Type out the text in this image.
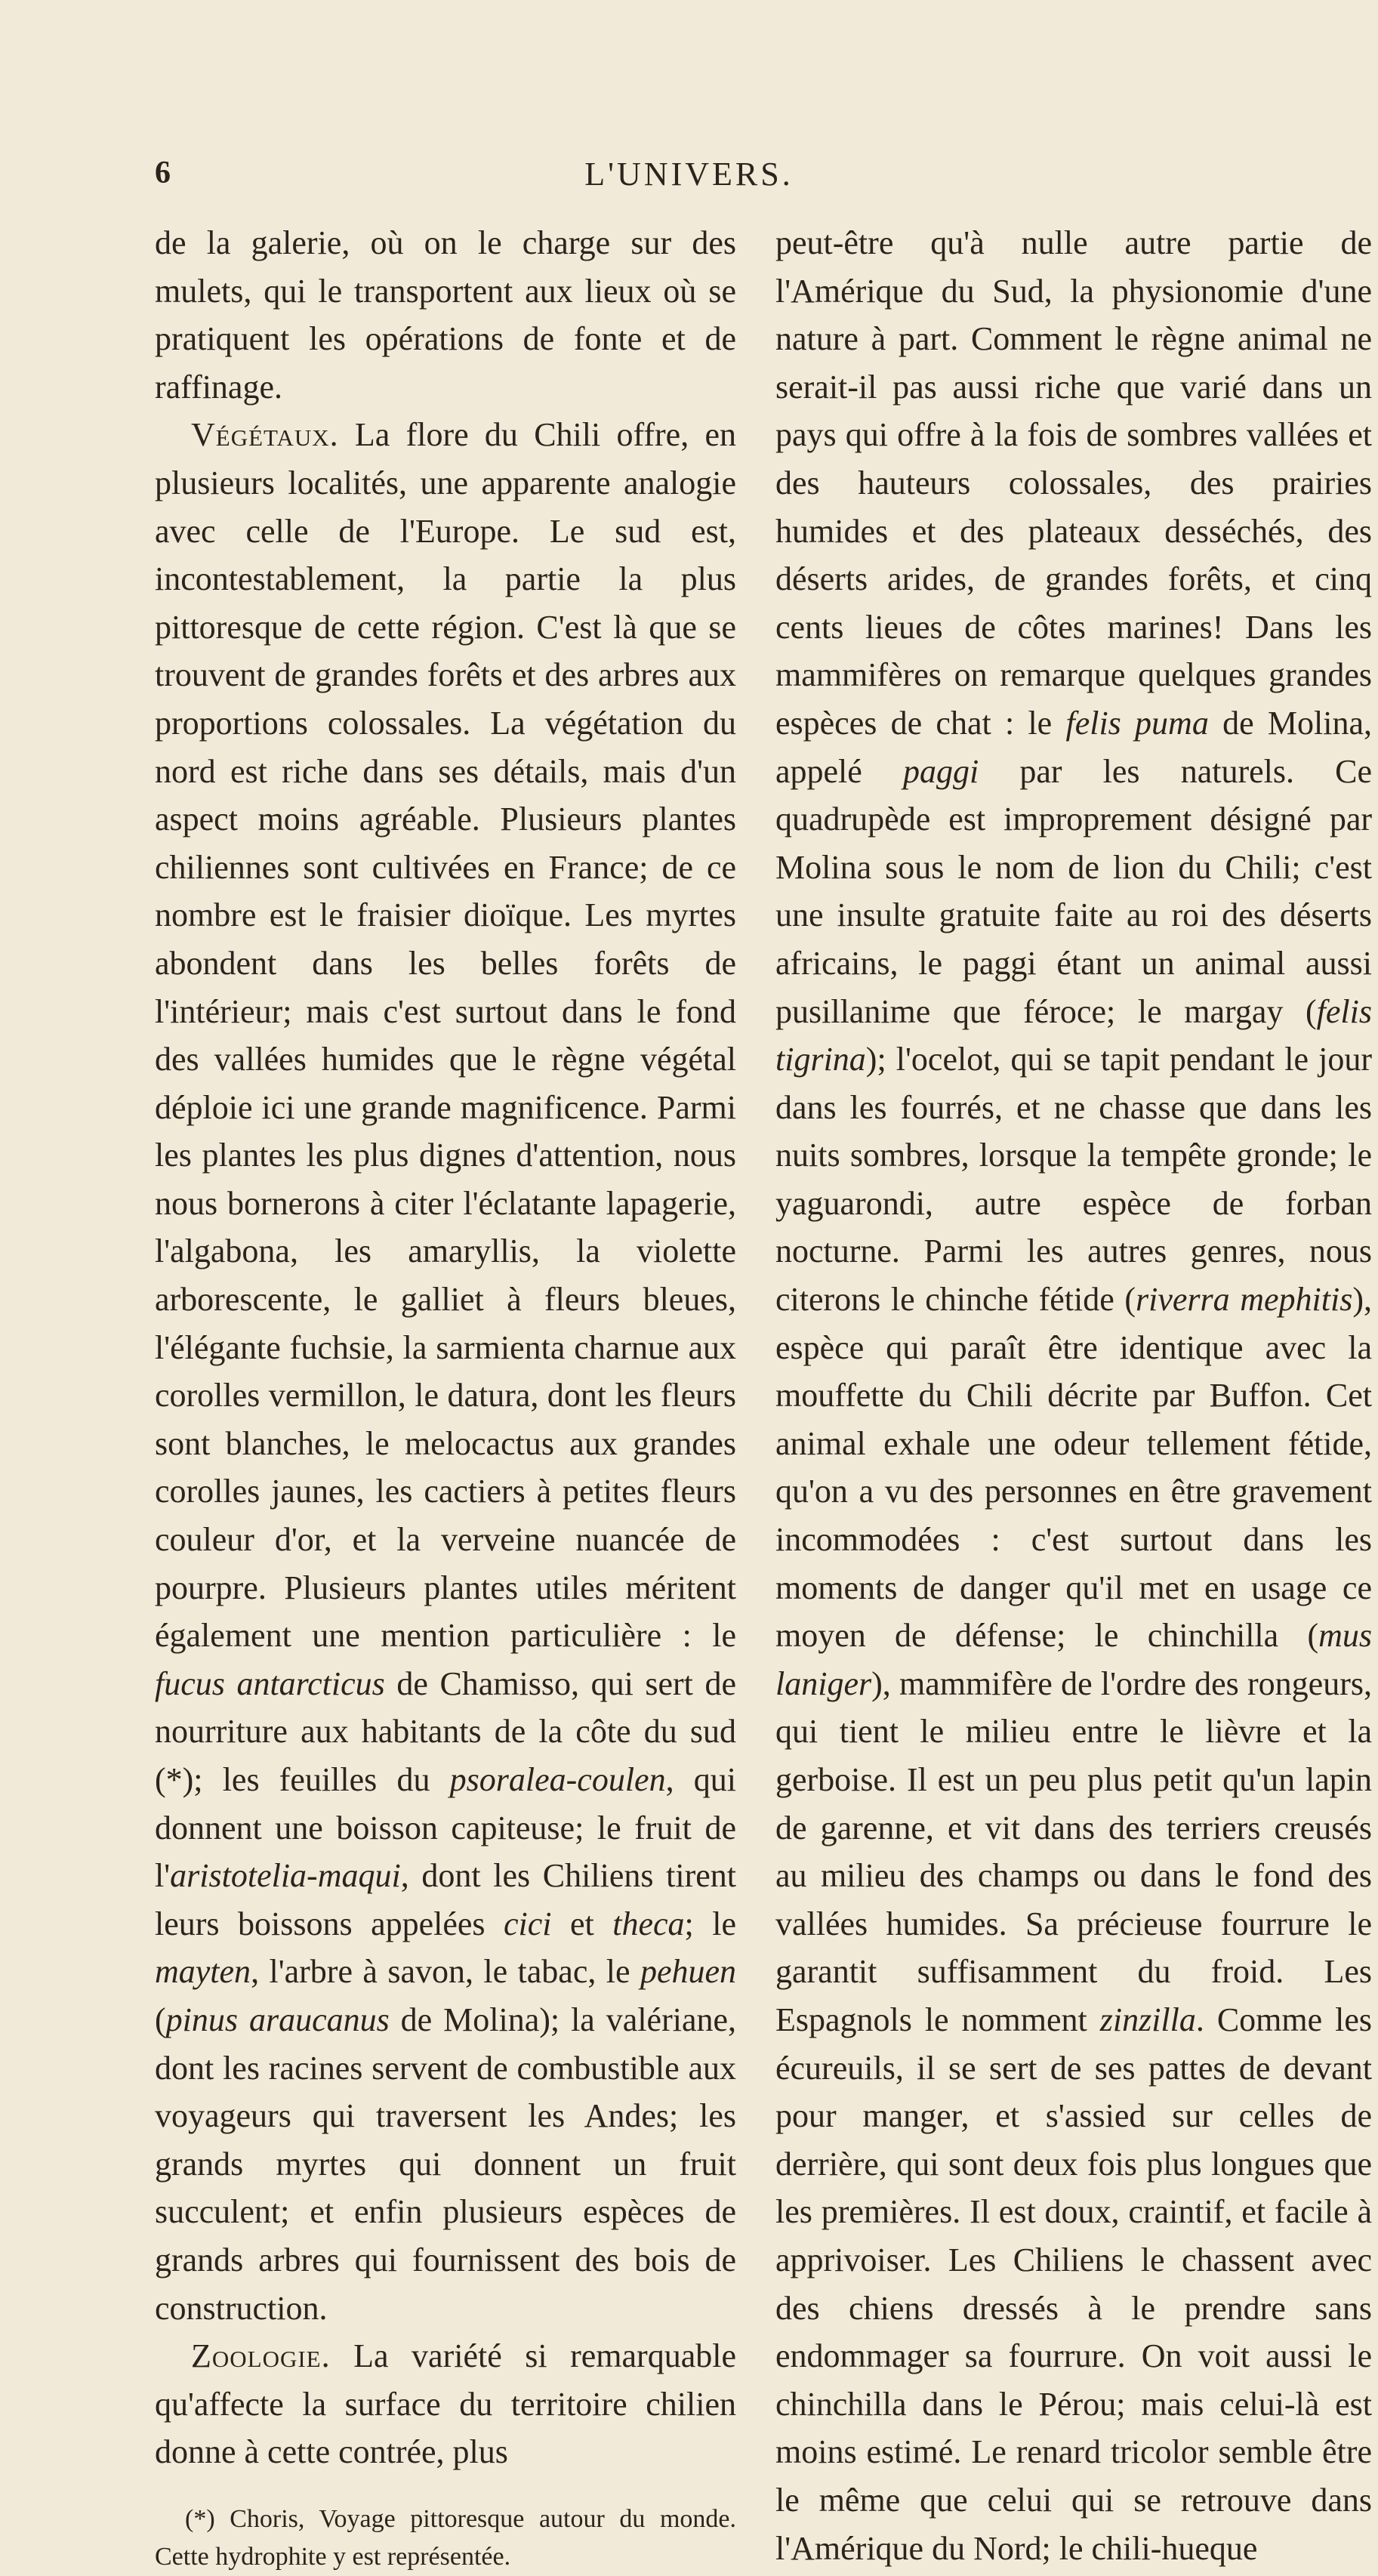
L'UNIVERS.
6

de la galerie, où on le charge sur des mulets, qui le transportent aux lieux où se pratiquent les opérations de fonte et de raffinage.

Végétaux. La flore du Chili offre, en plusieurs localités, une apparente analogie avec celle de l'Europe. Le sud est, incontestablement, la partie la plus pittoresque de cette région. C'est là que se trouvent de grandes forêts et des arbres aux proportions colossales. La végétation du nord est riche dans ses détails, mais d'un aspect moins agréable. Plusieurs plantes chiliennes sont cultivées en France; de ce nombre est le fraisier dioïque. Les myrtes abondent dans les belles forêts de l'intérieur; mais c'est surtout dans le fond des vallées humides que le règne végétal déploie ici une grande magnificence. Parmi les plantes les plus dignes d'attention, nous nous bornerons à citer l'éclatante lapagerie, l'algabona, les amaryllis, la violette arborescente, le galliet à fleurs bleues, l'élégante fuchsie, la sarmienta charnue aux corolles vermillon, le datura, dont les fleurs sont blanches, le melocactus aux grandes corolles jaunes, les cactiers à petites fleurs couleur d'or, et la verveine nuancée de pourpre. Plusieurs plantes utiles méritent également une mention particulière : le fucus antarcticus de Chamisso, qui sert de nourriture aux habitants de la côte du sud (*); les feuilles du psoralea-coulen, qui donnent une boisson capiteuse; le fruit de l'aristotelia-maqui, dont les Chiliens tirent leurs boissons appelées cici et theca; le mayten, l'arbre à savon, le tabac, le pehuen (pinus araucanus de Molina); la valériane, dont les racines servent de combustible aux voyageurs qui traversent les Andes; les grands myrtes qui donnent un fruit succulent; et enfin plusieurs espèces de grands arbres qui fournissent des bois de construction.

Zoologie. La variété si remarquable qu'affecte la surface du territoire chilien donne à cette contrée, plus

(*) Choris, Voyage pittoresque autour du monde. Cette hydrophite y est représentée.

peut-être qu'à nulle autre partie de l'Amérique du Sud, la physionomie d'une nature à part. Comment le règne animal ne serait-il pas aussi riche que varié dans un pays qui offre à la fois de sombres vallées et des hauteurs colossales, des prairies humides et des plateaux desséchés, des déserts arides, de grandes forêts, et cinq cents lieues de côtes marines! Dans les mammifères on remarque quelques grandes espèces de chat : le felis puma de Molina, appelé paggi par les naturels. Ce quadrupède est improprement désigné par Molina sous le nom de lion du Chili; c'est une insulte gratuite faite au roi des déserts africains, le paggi étant un animal aussi pusillanime que féroce; le margay (felis tigrina); l'ocelot, qui se tapit pendant le jour dans les fourrés, et ne chasse que dans les nuits sombres, lorsque la tempête gronde; le yaguarondi, autre espèce de forban nocturne. Parmi les autres genres, nous citerons le chinche fétide (riverra mephitis), espèce qui paraît être identique avec la mouffette du Chili décrite par Buffon. Cet animal exhale une odeur tellement fétide, qu'on a vu des personnes en être gravement incommodées : c'est surtout dans les moments de danger qu'il met en usage ce moyen de défense; le chinchilla (mus laniger), mammifère de l'ordre des rongeurs, qui tient le milieu entre le lièvre et la gerboise. Il est un peu plus petit qu'un lapin de garenne, et vit dans des terriers creusés au milieu des champs ou dans le fond des vallées humides. Sa précieuse fourrure le garantit suffisamment du froid. Les Espagnols le nomment zinzilla. Comme les écureuils, il se sert de ses pattes de devant pour manger, et s'assied sur celles de derrière, qui sont deux fois plus longues que les premières. Il est doux, craintif, et facile à apprivoiser. Les Chiliens le chassent avec des chiens dressés à le prendre sans endommager sa fourrure. On voit aussi le chinchilla dans le Pérou; mais celui-là est moins estimé. Le renard tricolor semble être le même que celui qui se retrouve dans l'Amérique du Nord; le chili-hueque
